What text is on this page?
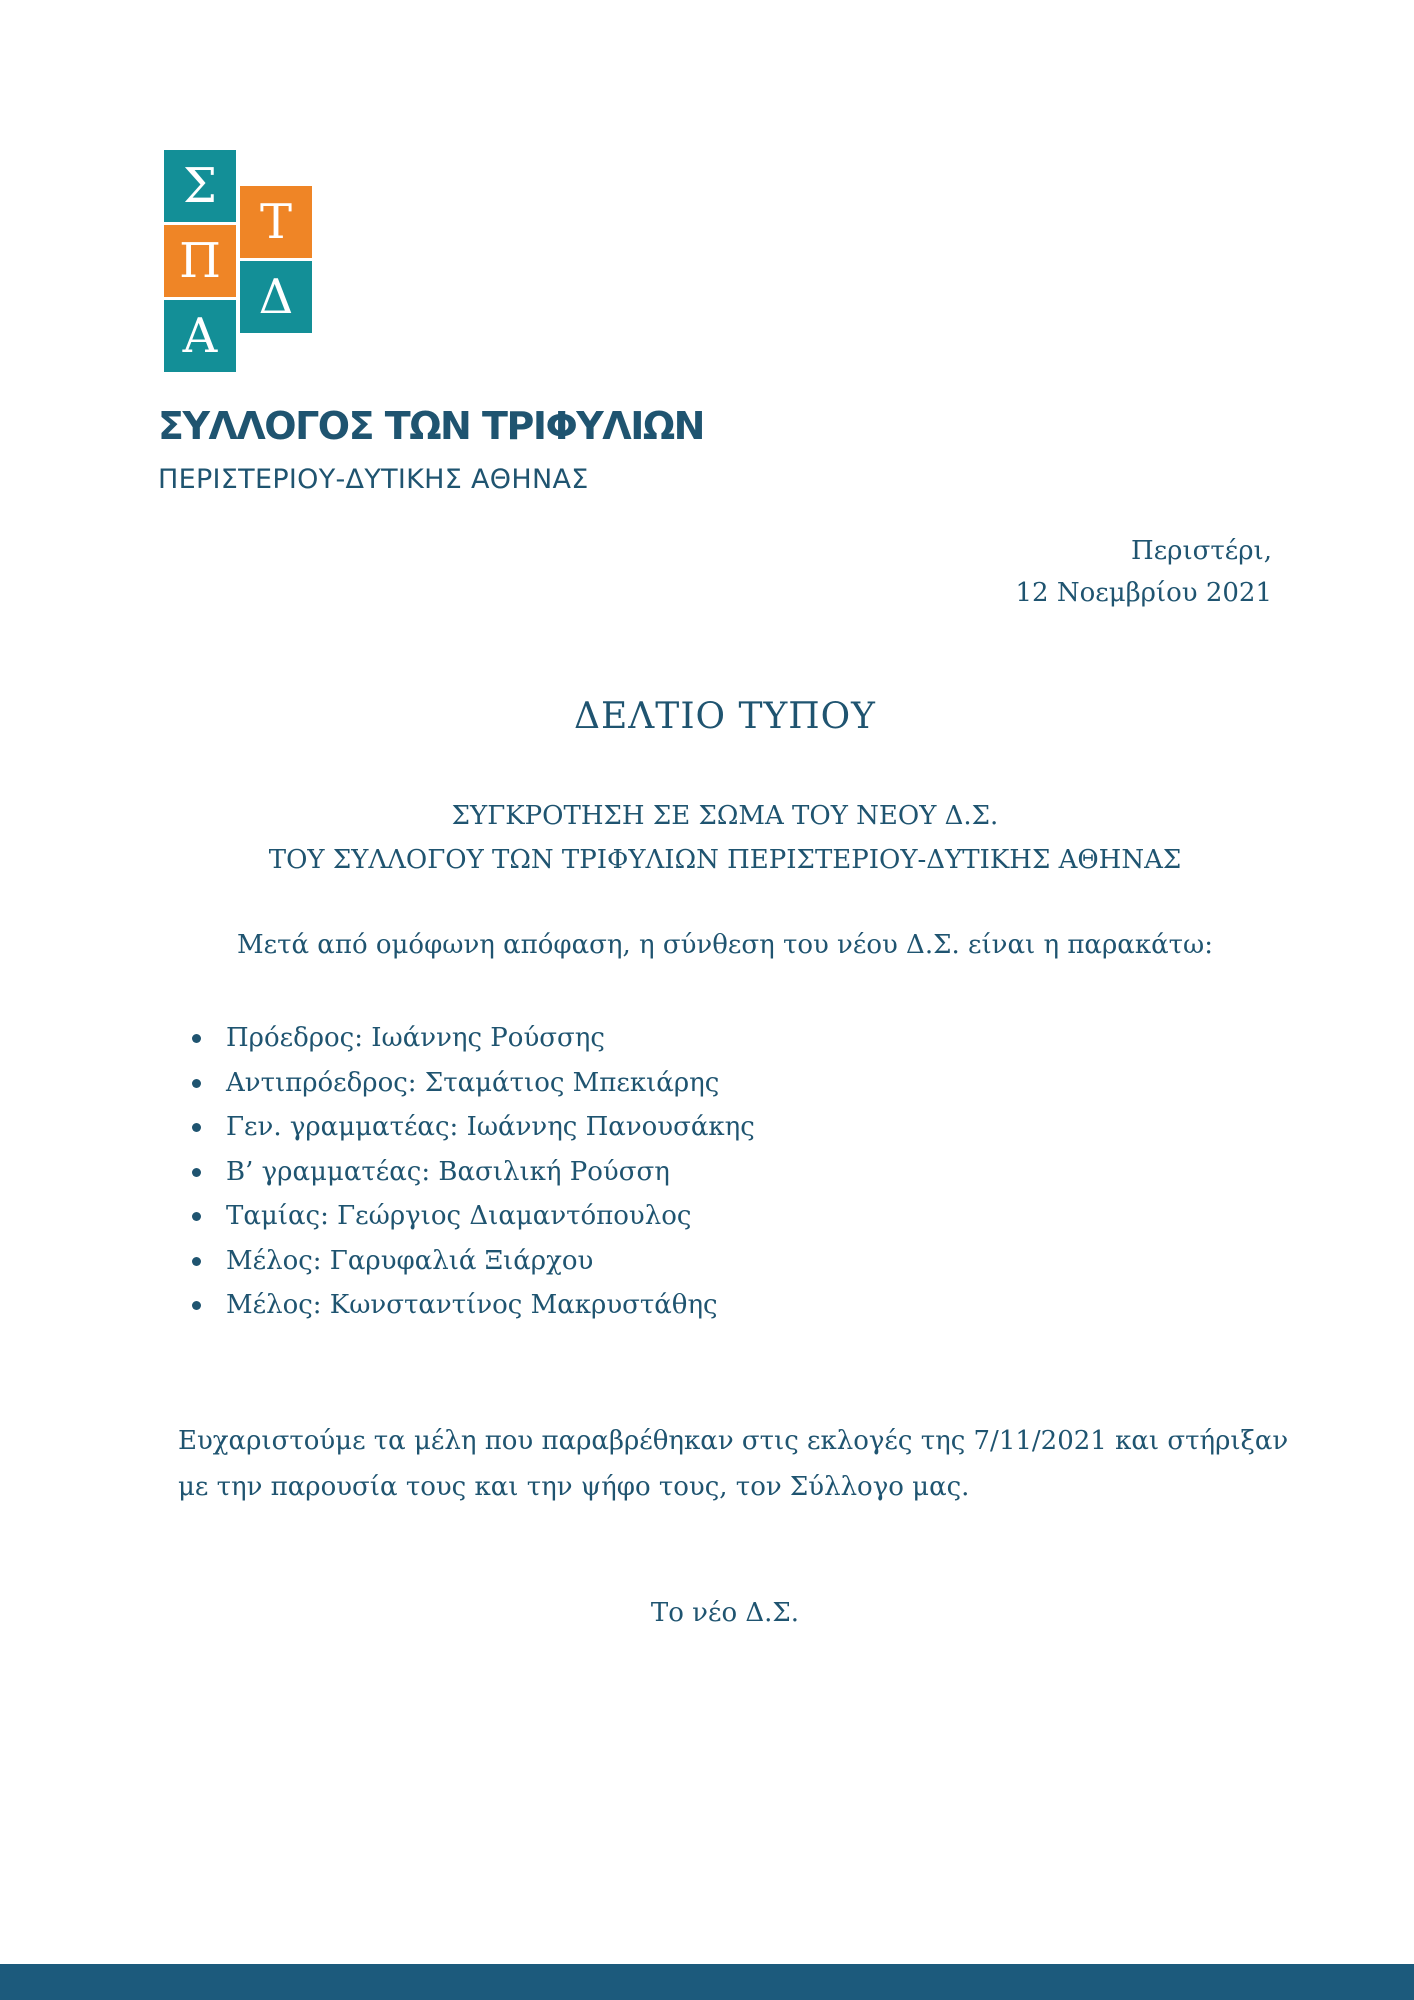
Σ
Π
Α
Τ
Δ
ΣΥΛΛΟΓΟΣ ΤΩΝ ΤΡΙΦΥΛΙΩΝ
ΠΕΡΙΣΤΕΡΙΟΥ-ΔΥΤΙΚΗΣ ΑΘΗΝΑΣ
Περιστέρι,
12 Νοεμβρίου 2021
ΔΕΛΤΙΟ ΤΥΠΟΥ
ΣΥΓΚΡΟΤΗΣΗ ΣΕ ΣΩΜΑ ΤΟΥ ΝΕΟΥ Δ.Σ.
ΤΟΥ ΣΥΛΛΟΓΟΥ ΤΩΝ ΤΡΙΦΥΛΙΩΝ ΠΕΡΙΣΤΕΡΙΟΥ-ΔΥΤΙΚΗΣ ΑΘΗΝΑΣ
Μετά από ομόφωνη απόφαση, η σύνθεση του νέου Δ.Σ. είναι η παρακάτω:
Πρόεδρος: Ιωάννης Ρούσσης
Αντιπρόεδρος: Σταμάτιος Μπεκιάρης
Γεν. γραμματέας: Ιωάννης Πανουσάκης
Β’ γραμματέας: Βασιλική Ρούσση
Ταμίας: Γεώργιος Διαμαντόπουλος
Μέλος: Γαρυφαλιά Ξιάρχου
Μέλος: Κωνσταντίνος Μακρυστάθης
Ευχαριστούμε τα μέλη που παραβρέθηκαν στις εκλογές της 7/11/2021 και στήριξαν
με την παρουσία τους και την ψήφο τους, τον Σύλλογο μας.
Το νέο Δ.Σ.
